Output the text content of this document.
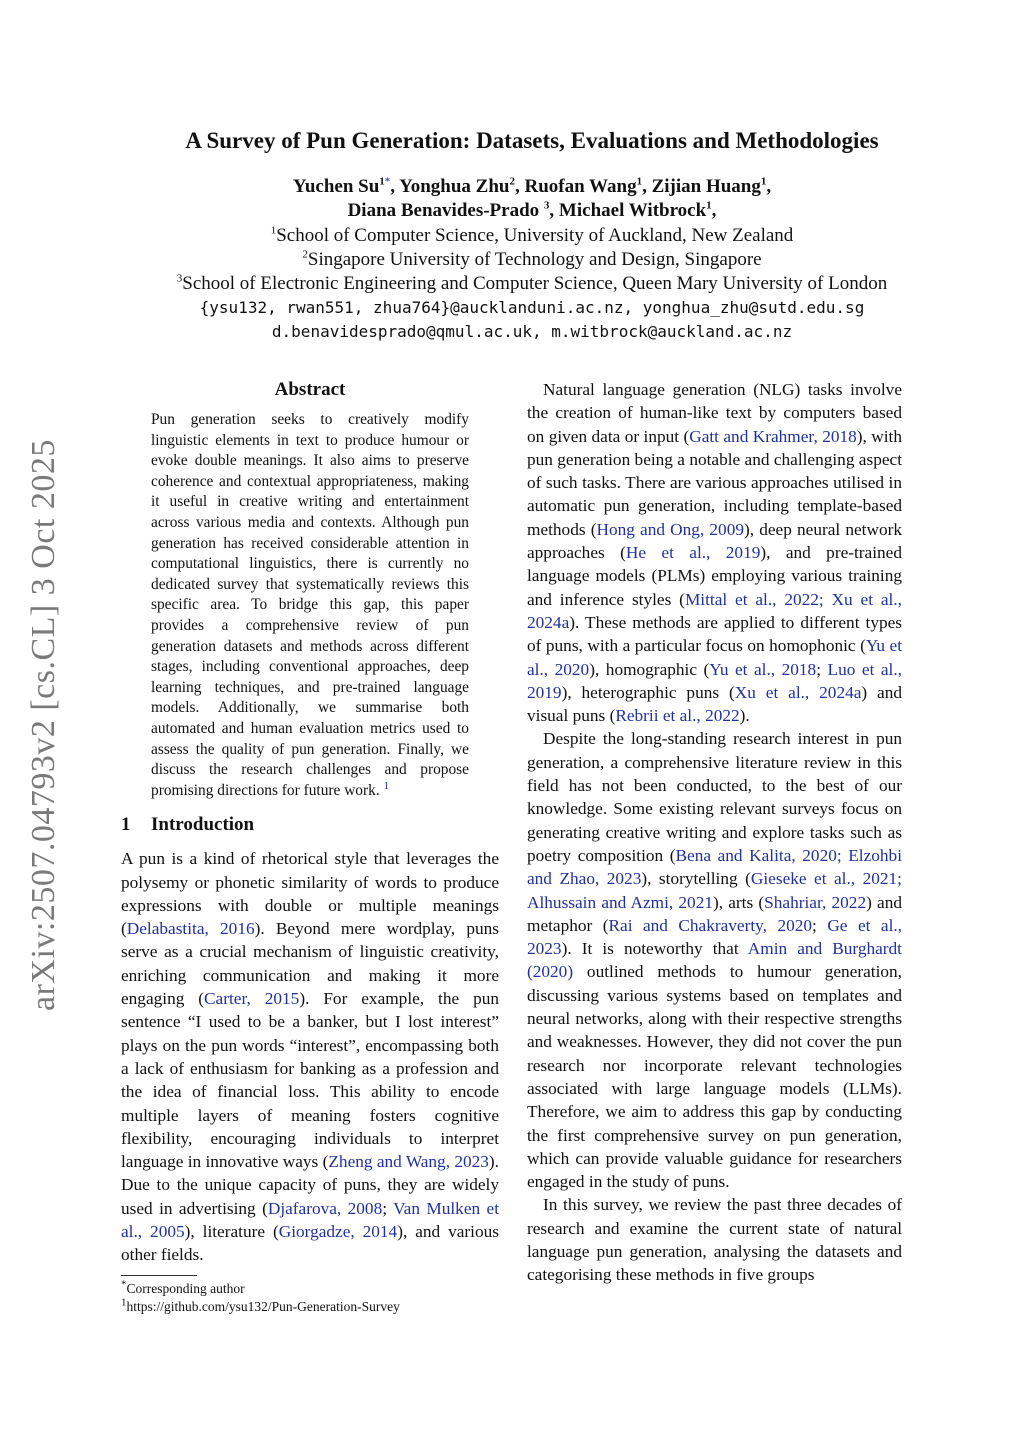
arXiv:2507.04793v2 [cs.CL] 3 Oct 2025
A Survey of Pun Generation: Datasets, Evaluations and Methodologies
Yuchen $Su^{1*}$, Yonghua Zhu$^2$, Ruofan Wang$^1$, Zijian Huang$^1$,
Diana Benavides-Prado $^3$, Michael Witbrock$^1$,
$^1$School of Computer Science, University of Auckland, New Zealand
$^2$Singapore University of Technology and Design, Singapore
$^3$School of Electronic Engineering and Computer Science, Queen Mary University of London
{ysu132, rwan551, zhua764}@aucklanduni.ac.nz, yonghua_zhu@sutd.edu.sg
d.benavidesprado@qmul.ac.uk, m.witbrock@auckland.ac.nz
Abstract

Pun generation seeks to creatively modify linguistic elements in text to produce humour or evoke double meanings. It also aims to preserve coherence and contextual appropriateness, making it useful in creative writing and entertainment across various media and contexts. Although pun generation has received considerable attention in computational linguistics, there is currently no dedicated survey that systematically reviews this specific area. To bridge this gap, this paper provides a comprehensive review of pun generation datasets and methods across different stages, including conventional approaches, deep learning techniques, and pre-trained language models. Additionally, we summarise both automated and human evaluation metrics used to assess the quality of pun generation. Finally, we discuss the research challenges and propose promising directions for future work. $^1$

1 Introduction

A pun is a kind of rhetorical style that leverages the polysemy or phonetic similarity of words to produce expressions with double or multiple meanings (Delabastita, 2016). Beyond mere wordplay, puns serve as a crucial mechanism of linguistic creativity, enriching communication and making it more engaging (Carter, 2015). For example, the pun sentence “I used to be a banker, but I lost interest” plays on the pun words “interest”, encompassing both a lack of enthusiasm for banking as a profession and the idea of financial loss. This ability to encode multiple layers of meaning fosters cognitive flexibility, encouraging individuals to interpret language in innovative ways (Zheng and Wang, 2023). Due to the unique capacity of puns, they are widely used in advertising (Djafarova, 2008; Van Mulken et al., 2005), literature (Giorgadze, 2014), and various other fields.

*Corresponding author

$^1$https://github.com/ysu132/Pun-Generation-Survey

Natural language generation (NLG) tasks involve the creation of human-like text by computers based on given data or input (Gatt and Krahmer, 2018), with pun generation being a notable and challenging aspect of such tasks. There are various approaches utilised in automatic pun generation, including template-based methods (Hong and Ong, 2009), deep neural network approaches (He et al., 2019), and pre-trained language models (PLMs) employing various training and inference styles (Mittal et al., 2022; Xu et al., 2024a). These methods are applied to different types of puns, with a particular focus on homophonic (Yu et al., 2020), homographic (Yu et al., 2018; Luo et al., 2019), heterographic puns (Xu et al., 2024a) and visual puns (Rebrii et al., 2022).

Despite the long-standing research interest in pun generation, a comprehensive literature review in this field has not been conducted, to the best of our knowledge. Some existing relevant surveys focus on generating creative writing and explore tasks such as poetry composition (Bena and Kalita, 2020; Elzohbi and Zhao, 2023), storytelling (Gieseke et al., 2021; Alhussain and Azmi, 2021), arts (Shahriar, 2022) and metaphor (Rai and Chakraverty, 2020; Ge et al., 2023). It is noteworthy that Amin and Burghardt (2020) outlined methods to humour generation, discussing various systems based on templates and neural networks, along with their respective strengths and weaknesses. However, they did not cover the pun research nor incorporate relevant technologies associated with large language models (LLMs). Therefore, we aim to address this gap by conducting the first comprehensive survey on pun generation, which can provide valuable guidance for researchers engaged in the study of puns.

In this survey, we review the past three decades of research and examine the current state of natural language pun generation, analysing the datasets and categorising these methods in five groups
